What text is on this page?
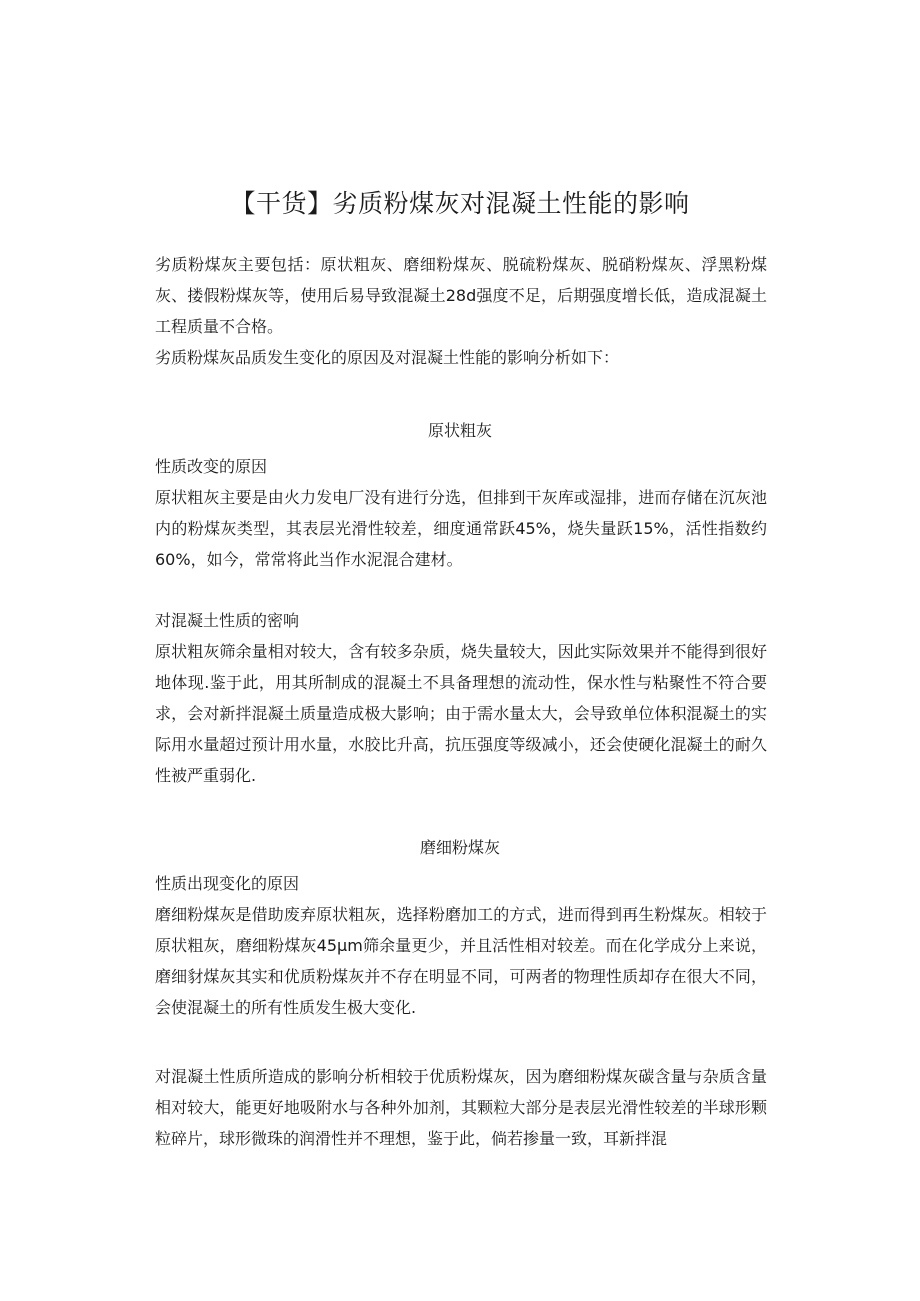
【干货】劣质粉煤灰对混凝土性能的影响

劣质粉煤灰主要包括：原状粗灰、磨细粉煤灰、脱硫粉煤灰、脱硝粉煤灰、浮黑粉煤灰、搂假粉煤灰等，使用后易导致混凝土28d强度不足，后期强度增长低，造成混凝土工程质量不合格。

劣质粉煤灰品质发生变化的原因及对混凝土性能的影响分析如下：

原状粗灰

性质改变的原因

原状粗灰主要是由火力发电厂没有进行分选，但排到干灰库或湿排，进而存储在沉灰池内的粉煤灰类型，其表层光滑性较差，细度通常跃45%，烧失量跃15%，活性指数约60%，如今，常常将此当作水泥混合建材。

对混凝土性质的密响

原状粗灰筛余量相对较大，含有较多杂质，烧失量较大，因此实际效果并不能得到很好地体现.鉴于此，用其所制成的混凝土不具备理想的流动性，保水性与粘聚性不符合要求，会对新拌混凝土质量造成极大影响；由于需水量太大，会导致单位体积混凝土的实际用水量超过预计用水量，水胶比升高，抗压强度等级减小，还会使硬化混凝土的耐久性被严重弱化.

磨细粉煤灰

性质出现变化的原因

磨细粉煤灰是借助废弃原状粗灰，选择粉磨加工的方式，进而得到再生粉煤灰。相较于原状粗灰，磨细粉煤灰45μm筛余量更少，并且活性相对较差。而在化学成分上来说，磨细豺煤灰其实和优质粉煤灰并不存在明显不同，可两者的物理性质却存在很大不同，会使混凝土的所有性质发生极大变化.

对混凝土性质所造成的影响分析相较于优质粉煤灰，因为磨细粉煤灰碳含量与杂质含量相对较大，能更好地吸附水与各种外加剂，其颗粒大部分是表层光滑性较差的半球形颗粒碎片，球形微珠的润滑性并不理想，鉴于此，倘若掺量一致，耳新拌混
